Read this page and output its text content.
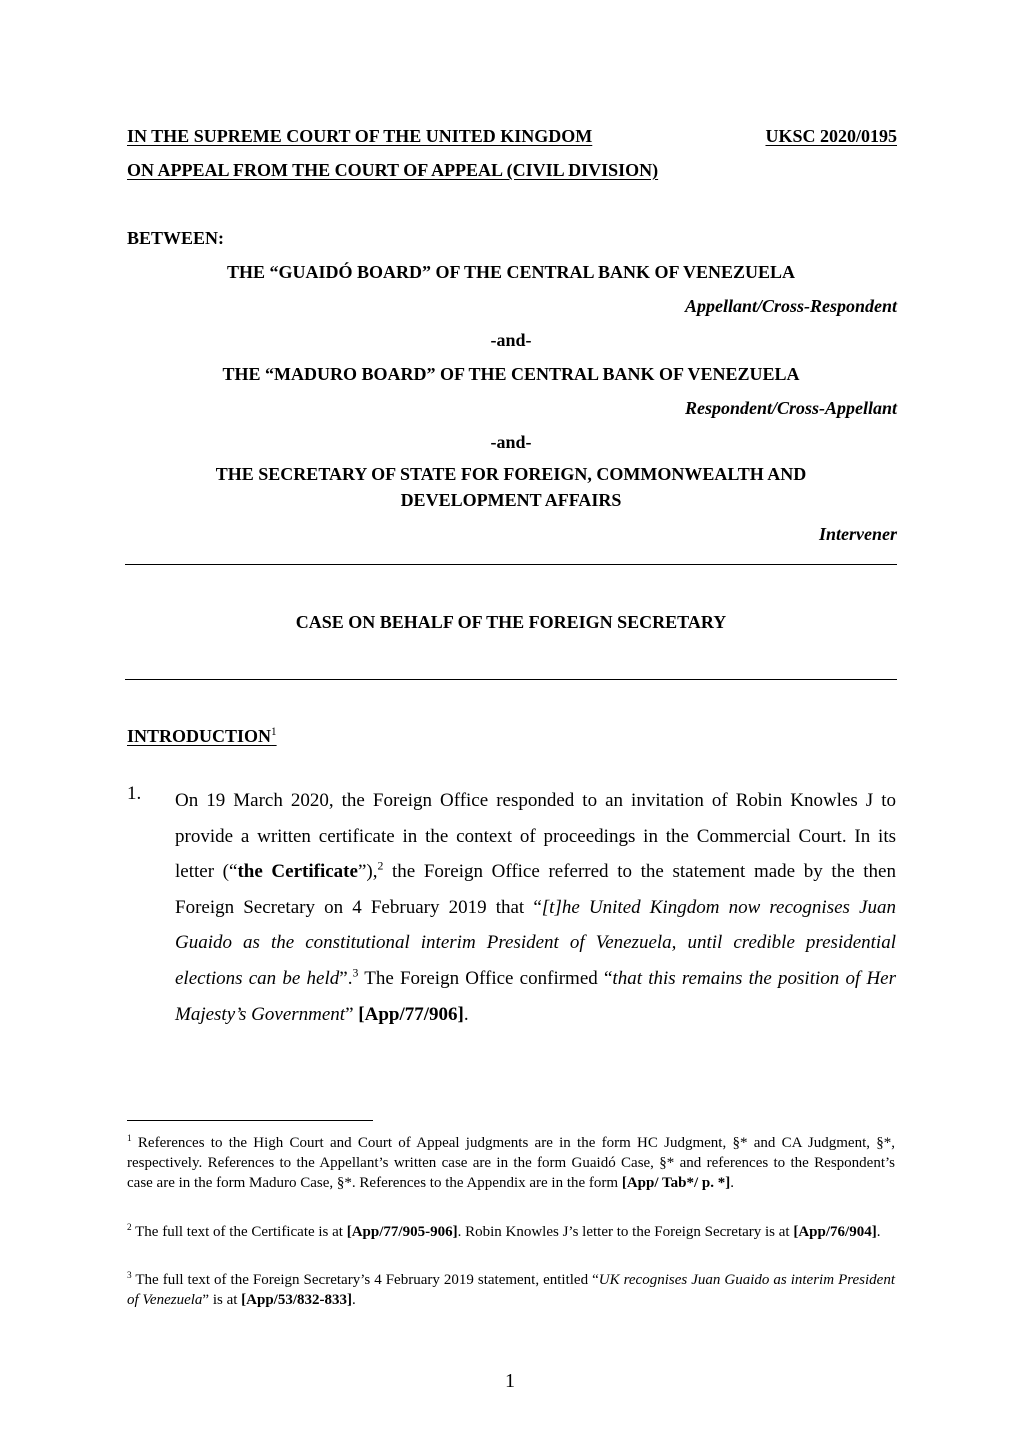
IN THE SUPREME COURT OF THE UNITED KINGDOM	UKSC 2020/0195
ON APPEAL FROM THE COURT OF APPEAL (CIVIL DIVISION)
BETWEEN:
THE “GUAIDÓ BOARD” OF THE CENTRAL BANK OF VENEZUELA
Appellant/Cross-Respondent
-and-
THE “MADURO BOARD” OF THE CENTRAL BANK OF VENEZUELA
Respondent/Cross-Appellant
-and-
THE SECRETARY OF STATE FOR FOREIGN, COMMONWEALTH AND
DEVELOPMENT AFFAIRS
Intervener
CASE ON BEHALF OF THE FOREIGN SECRETARY
INTRODUCTION$^1$
1. On 19 March 2020, the Foreign Office responded to an invitation of Robin Knowles J to provide a written certificate in the context of proceedings in the Commercial Court. In its letter (“the Certificate”),$^2$ the Foreign Office referred to the statement made by the then Foreign Secretary on 4 February 2019 that “[t]he United Kingdom now recognises Juan Guaido as the constitutional interim President of Venezuela, until credible presidential elections can be held”.$^3$ The Foreign Office confirmed “that this remains the position of Her Majesty’s Government” [App/77/906].
$^1$ References to the High Court and Court of Appeal judgments are in the form HC Judgment, §* and CA Judgment, §*, respectively. References to the Appellant’s written case are in the form Guaidó Case, §* and references to the Respondent’s case are in the form Maduro Case, §*. References to the Appendix are in the form [App/ Tab*/ p. *].
$^2$ The full text of the Certificate is at [App/77/905-906]. Robin Knowles J’s letter to the Foreign Secretary is at [App/76/904].
$^3$ The full text of the Foreign Secretary’s 4 February 2019 statement, entitled “UK recognises Juan Guaido as interim President of Venezuela” is at [App/53/832-833].
1
